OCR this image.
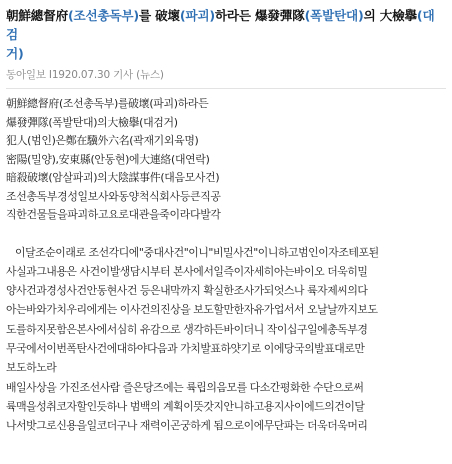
朝鮮總督府(조선총독부)를 破壞(파괴)하라든 爆發彈隊(폭발탄대)의 大檢擧(대검
거)
동아일보 I1920.07.30 기사 (뉴스)
朝鮮總督府(조선총독부)를破壞(파괴)하라든
爆發彈隊(폭발탄대)의大檢擧(대검거)
犯人(범인)은鄭在驥外六名(곽재기외육명)
密陽(밀양),安東縣(안동현)에大連絡(대연락)
暗殺破壞(암살파괴)의大陰謀事件(대음모사건)
조선총독부경성일보사와동양척식회사등큰직공
직한건물들을파괴하고요로대관을죽이라다발각
이달조순이래로 조선각디에"중대사건"이니"비밀사건"이니하고범인이자조테포된
사실과그내용은 사건이발생담시부터 본사에서일즉이자세히아는바이오 더욱히밀
양사건과경성사건안동현사건 등은내막까지 확실한조사가되엇스나 륙자제씨의다
아는바와가치우리에게는 이사건의진상을 보도할만한자유가업서서 오날날까지보도
도를하지못함은본사에서심히 유감으로 생각하든바이더니 작이십구일에총독부경
무국에서이번폭탄사건에대하야다음과 가치발표하얏기로 이에당국의발표대로만
보도하노라
배일사상을 가진조선사람 즐은당즈에는 륙립의음모를 다소간평화한 수단으로써
륙맥을성취코자할인듯하나 범백의 계획이뜻갓지안니하고용지사이에드의건이달
나서밧그로신용을일코더구나 재력이곤궁하게 됨으로이에무단파는 더욱더욱머리
